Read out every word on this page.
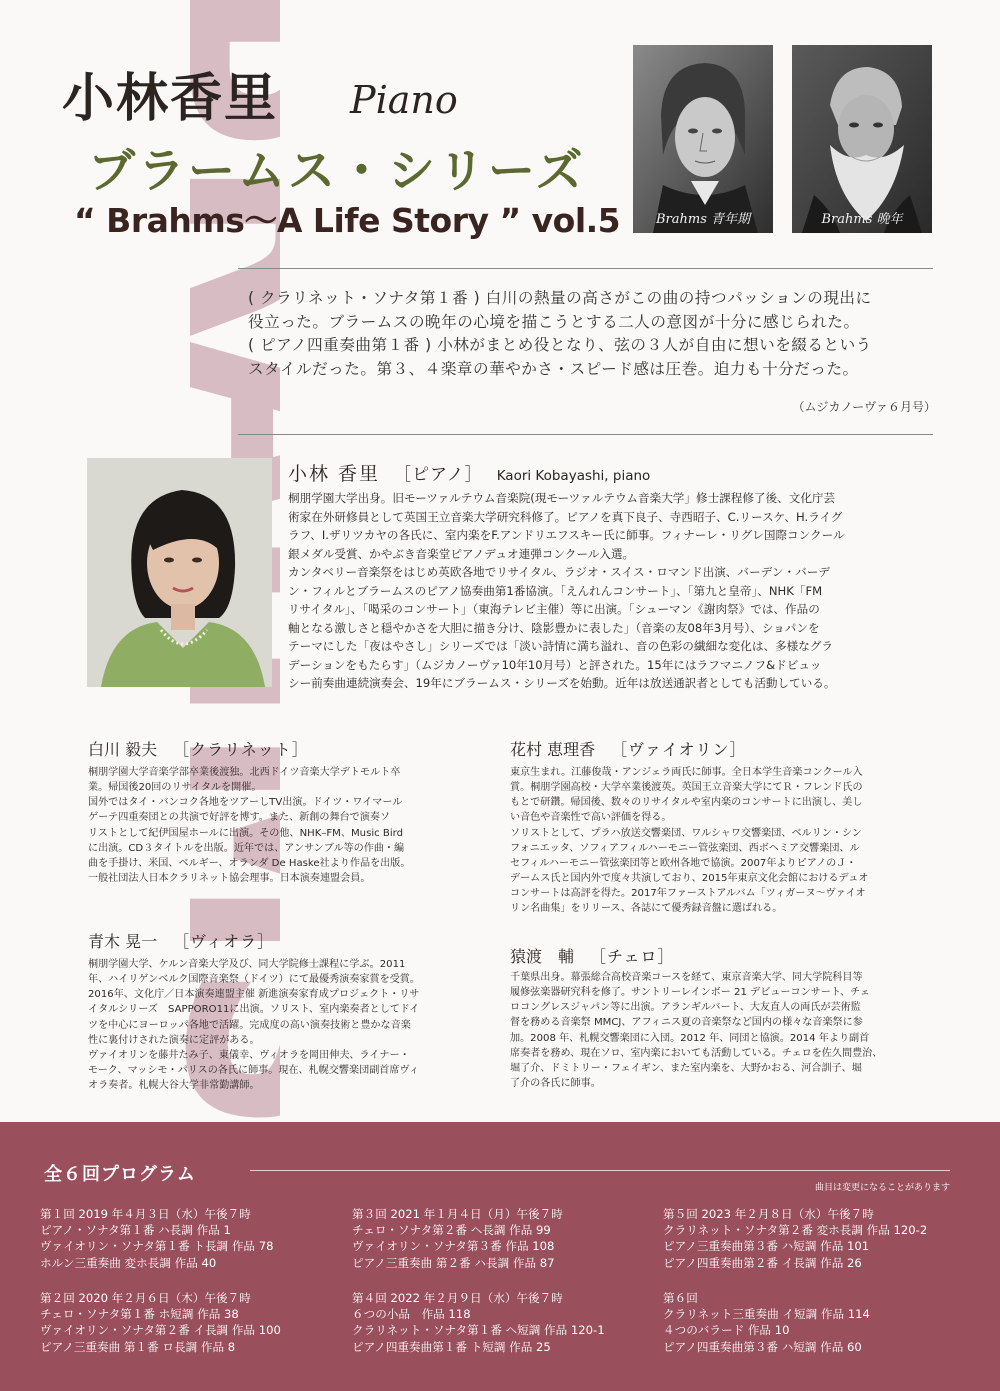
小林香里 Piano
ブラームス・シリーズ
“ Brahms〜A Life Story ” vol.5	Brahms 青年期	Brahms 晩年
( クラリネット・ソナタ第１番 ) 白川の熱量の高さがこの曲の持つパッションの現出に
役立った。ブラームスの晩年の心境を描こうとする二人の意図が十分に感じられた。
( ピアノ四重奏曲第１番 ) 小林がまとめ役となり、弦の３人が自由に想いを綴るという
スタイルだった。第３、４楽章の華やかさ・スピード感は圧巻。迫力も十分だった。
（ムジカノーヴァ６月号）
小林 香里 ［ピアノ］ Kaori Kobayashi, piano
桐朋学園大学出身。旧モーツァルテウム音楽院(現モーツァルテウム音楽大学」修士課程修了後、文化庁芸
術家在外研修員として英国王立音楽大学研究科修了。ピアノを真下良子、寺西昭子、C.リースケ、H.ライグ
ラフ、I.ザリツカヤの各氏に、室内楽をF.アンドリエフスキー氏に師事。フィナーレ・リグレ国際コンクール
銀メダル受賞、かやぶき音楽堂ピアノデュオ連弾コンクール入選。
カンタベリー音楽祭をはじめ英欧各地でリサイタル、ラジオ・スイス・ロマンド出演、バーデン・バーデ
ン・フィルとブラームスのピアノ協奏曲第1番協演。「えんれんコンサート」、「第九と皇帝」、NHK「FM
リサイタル」、「喝采のコンサート」（東海テレビ主催）等に出演。「シューマン《謝肉祭》では、作品の
軸となる激しさと穏やかさを大胆に描き分け、陰影豊かに表した」（音楽の友08年3月号）、ショパンを
テーマにした「夜はやさし」シリーズでは「淡い詩情に満ち溢れ、音の色彩の繊細な変化は、多様なグラ
デーションをもたらす」（ムジカノーヴァ10年10月号）と評された。15年にはラフマニノフ&ドビュッ
シー前奏曲連続演奏会、19年にブラームス・シリーズを始動。近年は放送通訳者としても活動している。
白川 毅夫 ［クラリネット］
桐朋学園大学音楽学部卒業後渡独。北西ドイツ音楽大学デトモルト卒
業。帰国後20回のリサイタルを開催。
国外ではタイ・バンコク各地をツアーしTV出演。ドイツ・ワイマール
ゲーテ四重奏団との共演で好評を博す。また、新創の舞台で演奏ソ
リストとして紀伊国屋ホールに出演。その他、NHK–FM、Music Bird
に出演。CD３タイトルを出版。近年では、アンサンブル等の作曲・編
曲を手掛け、米国、ベルギー、オランダ De Haske社より作品を出版。
一般社団法人日本クラリネット協会理事。日本演奏連盟会員。
花村 恵理香 ［ヴァイオリン］
東京生まれ。江藤俊哉・アンジェラ両氏に師事。全日本学生音楽コンクール入
賞。桐朋学園高校・大学卒業後渡英。英国王立音楽大学にてＲ・フレンド氏の
もとで研鑽。帰国後、数々のリサイタルや室内楽のコンサートに出演し、美し
い音色や音楽性で高い評価を得る。
ソリストとして、プラハ放送交響楽団、ワルシャワ交響楽団、ベルリン・シン
フォニエッタ、ソフィアフィルハーモニー管弦楽団、西ボヘミア交響楽団、ル
セフィルハーモニー管弦楽団等と欧州各地で協演。2007年よりピアノのＪ・
デームス氏と国内外で度々共演しており、2015年東京文化会館におけるデュオ
コンサートは高評を得た。2017年ファーストアルバム「ツィガーヌ〜ヴァイオ
リン名曲集」をリリース、各誌にて優秀録音盤に選ばれる。
青木 晃一 ［ヴィオラ］
桐朋学園大学、ケルン音楽大学及び、同大学院修士課程に学ぶ。2011
年、ハイリゲンベルク国際音楽祭（ドイツ）にて最優秀演奏家賞を受賞。
2016年、文化庁／日本演奏連盟主催 新進演奏家育成プロジェクト・リサ
イタルシリーズ　SAPPORO11に出演。ソリスト、室内楽奏者としてドイ
ツを中心にヨーロッパ各地で活躍。完成度の高い演奏技術と豊かな音楽
性に裏付けされた演奏に定評がある。
ヴァイオリンを藤井たみ子、東儀幸、ヴィオラを岡田伸夫、ライナー・
モーク、マッシモ・パリスの各氏に師事。現在、札幌交響楽団副首席ヴィ
オラ奏者。札幌大谷大学非常勤講師。
猿渡　輔 ［チェロ］
千葉県出身。幕張総合高校音楽コースを経て、東京音楽大学、同大学院科目等
履修弦楽器研究科を修了。サントリーレインボー 21 デビューコンサート、チェ
ロコングレスジャパン等に出演。アランギルバート、大友直人の両氏が芸術監
督を務める音楽祭 MMCJ、アフィニス夏の音楽祭など国内の様々な音楽祭に参
加。2008 年、札幌交響楽団に入団。2012 年、同団と協演。2014 年より副首
席奏者を務め、現在ソロ、室内楽においても活動している。チェロを佐久間豊治、
堀了介、ドミトリー・フェイギン、また室内楽を、大野かおる、河合訓子、堀
了介の各氏に師事。
全６回プログラム
曲目は変更になることがあります
第１回 2019 年４月３日（水）午後７時
ピアノ・ソナタ第１番 ハ長調 作品 1
ヴァイオリン・ソナタ第１番 ト長調 作品 78
ホルン三重奏曲 変ホ長調 作品 40
第２回 2020 年２月６日（木）午後７時
チェロ・ソナタ第１番 ホ短調 作品 38
ヴァイオリン・ソナタ第２番 イ長調 作品 100
ピアノ三重奏曲 第１番 ロ長調 作品 8
第３回 2021 年１月４日（月）午後７時
チェロ・ソナタ第２番 ヘ長調 作品 99
ヴァイオリン・ソナタ第３番 作品 108
ピアノ三重奏曲 第２番 ハ長調 作品 87
第４回 2022 年２月９日（水）午後７時
６つの小品　作品 118
クラリネット・ソナタ第１番 ヘ短調 作品 120-1
ピアノ四重奏曲第１番 ト短調 作品 25
第５回 2023 年２月８日（水）午後７時
クラリネット・ソナタ第２番 変ホ長調 作品 120-2
ピアノ三重奏曲第３番 ハ短調 作品 101
ピアノ四重奏曲第２番 イ長調 作品 26
第６回
クラリネット三重奏曲 イ短調 作品 114
４つのバラード 作品 10
ピアノ四重奏曲第３番 ハ短調 作品 60
